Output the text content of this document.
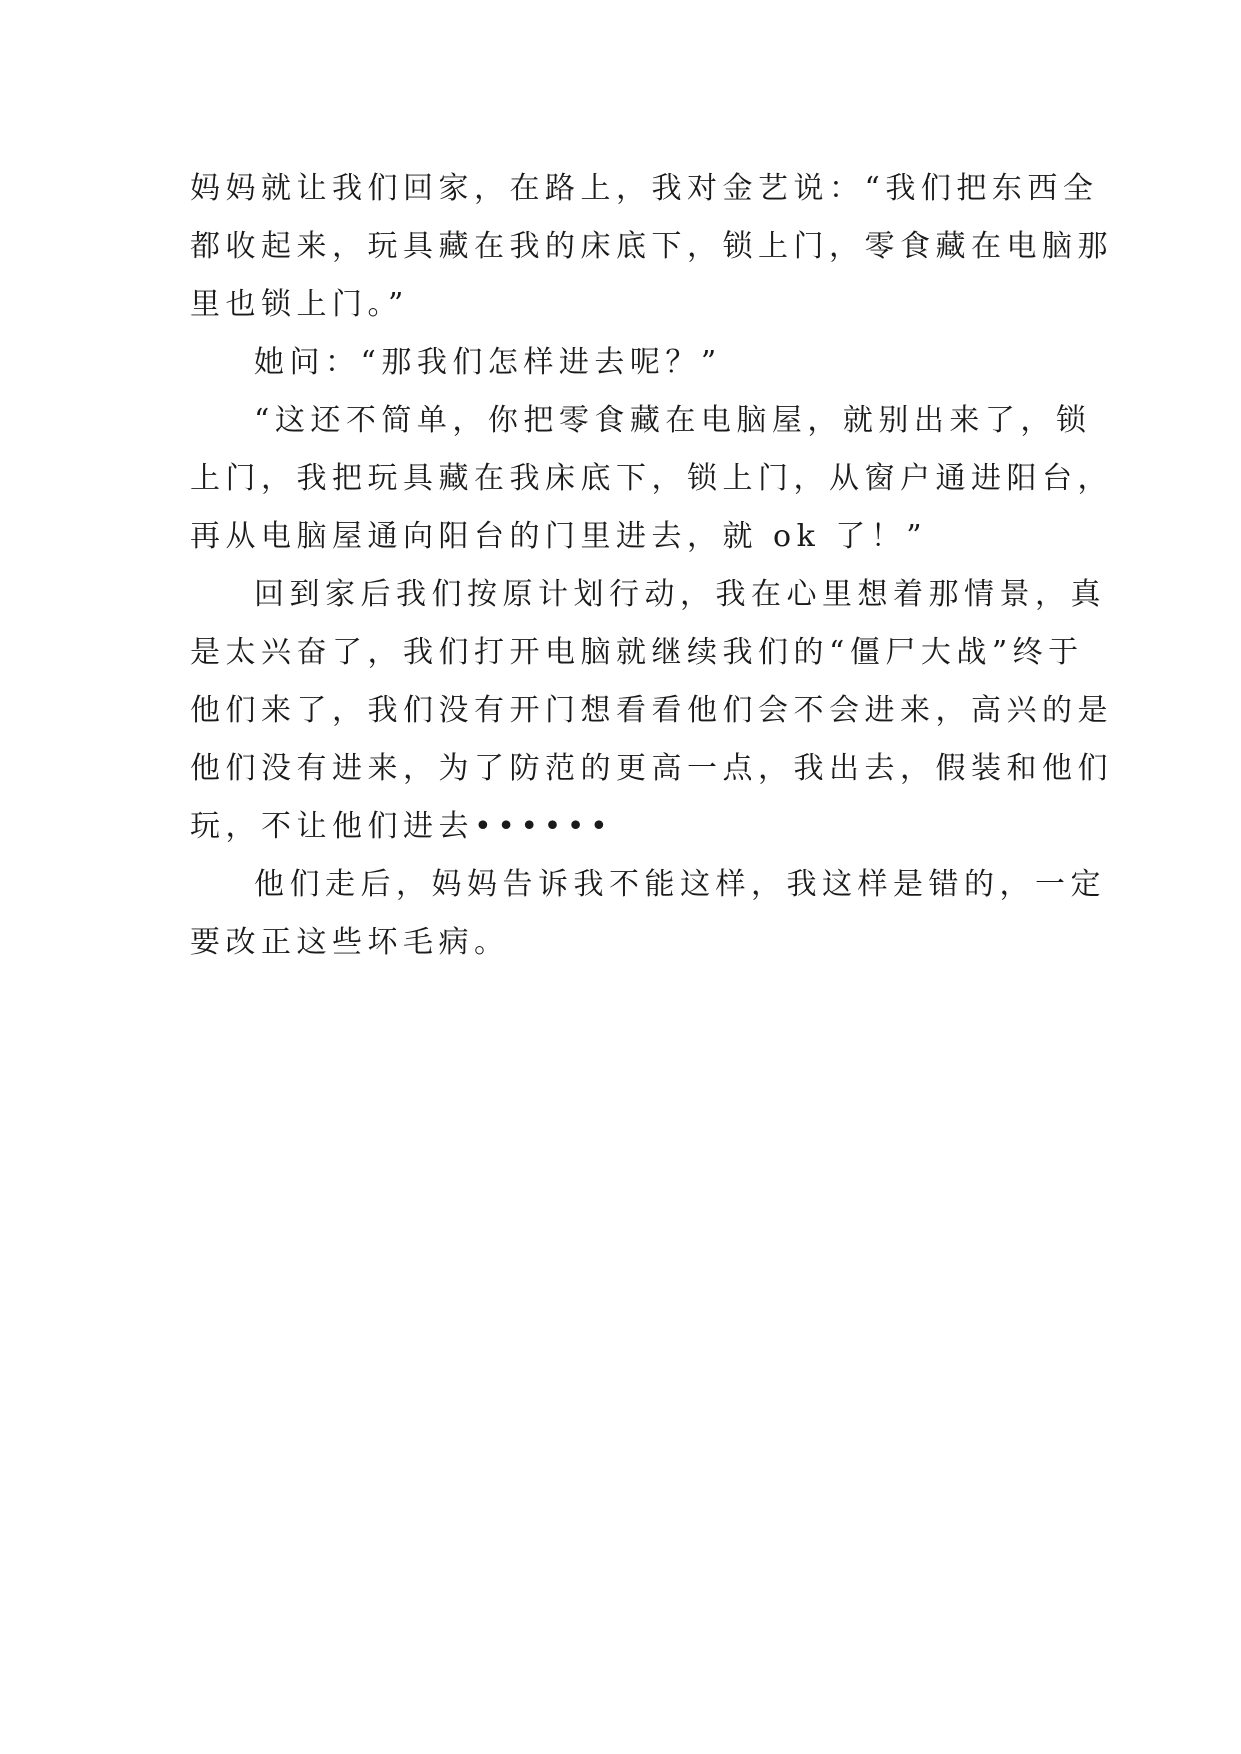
妈妈就让我们回家，在路上，我对金艺说：“我们把东西全
都收起来，玩具藏在我的床底下，锁上门，零食藏在电脑那
里也锁上门。”

她问：“那我们怎样进去呢？”

“这还不简单，你把零食藏在电脑屋，就别出来了，锁
上门，我把玩具藏在我床底下，锁上门，从窗户通进阳台，
再从电脑屋通向阳台的门里进去，就 ok 了！”

回到家后我们按原计划行动，我在心里想着那情景，真
是太兴奋了，我们打开电脑就继续我们的“僵尸大战”终于
他们来了，我们没有开门想看看他们会不会进来，高兴的是
他们没有进来，为了防范的更高一点，我出去，假装和他们
玩，不让他们进去••••••

他们走后，妈妈告诉我不能这样，我这样是错的，一定
要改正这些坏毛病。
